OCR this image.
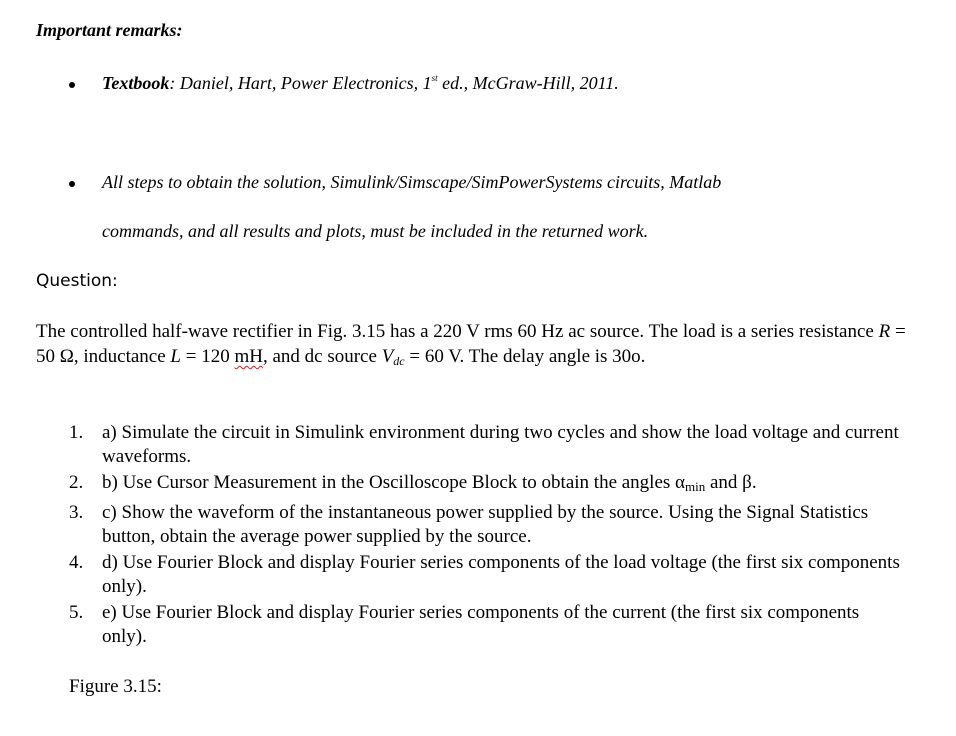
Important remarks:
Textbook: Daniel, Hart, Power Electronics, 1st ed., McGraw-Hill, 2011.
All steps to obtain the solution, Simulink/Simscape/SimPowerSystems circuits, Matlab
commands, and all results and plots, must be included in the returned work.
Question:
The controlled half-wave rectifier in Fig. 3.15 has a 220 V rms 60 Hz ac source. The load is a series resistance R = 50 Ω, inductance L = 120 mH, and dc source $V_{dc} = 60$ V. The delay angle is 30o.
1. a) Simulate the circuit in Simulink environment during two cycles and show the load voltage and current waveforms.
2. b) Use Cursor Measurement in the Oscilloscope Block to obtain the angles αmin and β.
3. c) Show the waveform of the instantaneous power supplied by the source. Using the Signal Statistics button, obtain the average power supplied by the source.
4. d) Use Fourier Block and display Fourier series components of the load voltage (the first six components only).
5. e) Use Fourier Block and display Fourier series components of the current (the first six components only).
Figure 3.15:
